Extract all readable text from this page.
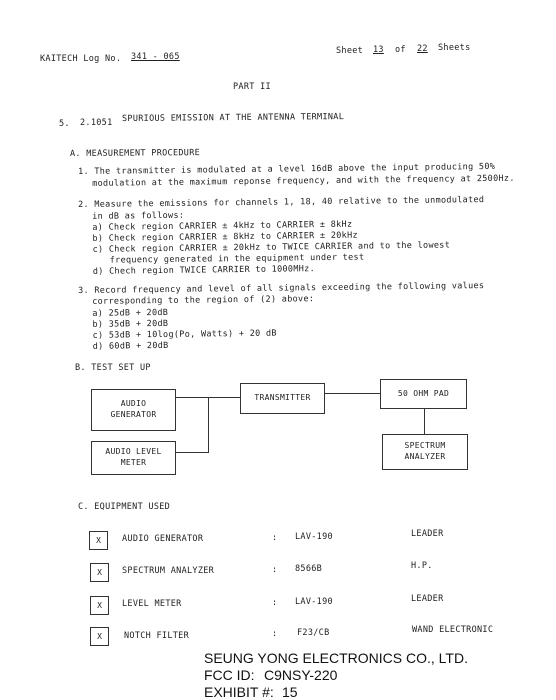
KAITECH Log No. 341 - 065
Sheet 13 of 22 Sheets
PART II
5. 2.1051 SPURIOUS EMISSION AT THE ANTENNA TERMINAL
A. MEASUREMENT PROCEDURE
1. The transmitter is modulated at a level 16dB above the input producing 50%
modulation at the maximum reponse frequency, and with the frequency at 2500Hz.
2. Measure the emissions for channels 1, 18, 40 relative to the unmodulated
in dB as follows:
a) Check region CARRIER ± 4kHz to CARRIER ± 8kHz
b) Check region CARRIER ± 8kHz to CARRIER ± 20kHz
c) Check region CARRIER ± 20kHz to TWICE CARRIER and to the lowest
frequency generated in the equipment under test
d) Chech region TWICE CARRIER to 1000MHz.
3. Record frequency and level of all signals exceeding the following values
corresponding to the region of (2) above:
a) 25dB + 20dB
b) 35dB + 20dB
c) 53dB + 10log(Po, Watts) + 20 dB
d) 60dB + 20dB
B. TEST SET UP
AUDIO
GENERATOR
TRANSMITTER	50 OHM PAD
AUDIO LEVEL
METER
SPECTRUM
ANALYZER
C. EQUIPMENT USED
X	AUDIO GENERATOR	: LAV-190	LEADER
X	SPECTRUM ANALYZER	: 8566B	H.P.
X	LEVEL METER	: LAV-190	LEADER
X	NOTCH FILTER	: F23/CB	WAND ELECTRONIC
SEUNG YONG ELECTRONICS CO., LTD.
FCC ID: C9NSY-220
EXHIBIT #: 15
